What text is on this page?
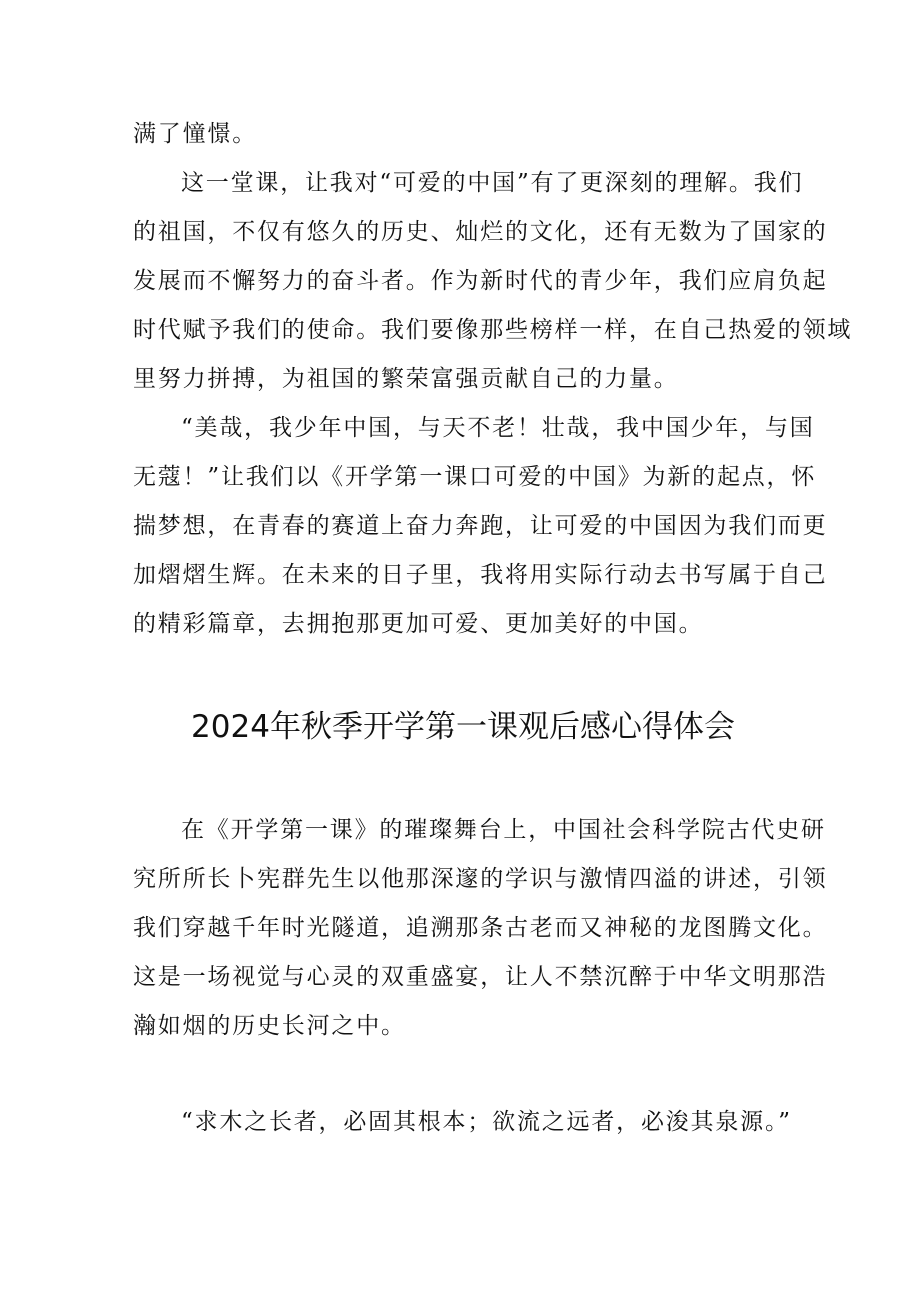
满了憧憬。
这一堂课，让我对“可爱的中国”有了更深刻的理解。我们
的祖国，不仅有悠久的历史、灿烂的文化，还有无数为了国家的
发展而不懈努力的奋斗者。作为新时代的青少年，我们应肩负起
时代赋予我们的使命。我们要像那些榜样一样，在自己热爱的领域
里努力拼搏，为祖国的繁荣富强贡献自己的力量。
“美哉，我少年中国，与天不老！壮哉，我中国少年，与国
无蔻！”让我们以《开学第一课口可爱的中国》为新的起点，怀
揣梦想，在青春的赛道上奋力奔跑，让可爱的中国因为我们而更
加熠熠生辉。在未来的日子里，我将用实际行动去书写属于自己
的精彩篇章，去拥抱那更加可爱、更加美好的中国。
2024年秋季开学第一课观后感心得体会
在《开学第一课》的璀璨舞台上，中国社会科学院古代史研
究所所长卜宪群先生以他那深邃的学识与激情四溢的讲述，引领
我们穿越千年时光隧道，追溯那条古老而又神秘的龙图腾文化。
这是一场视觉与心灵的双重盛宴，让人不禁沉醉于中华文明那浩
瀚如烟的历史长河之中。
“求木之长者，必固其根本；欲流之远者，必浚其泉源。”
